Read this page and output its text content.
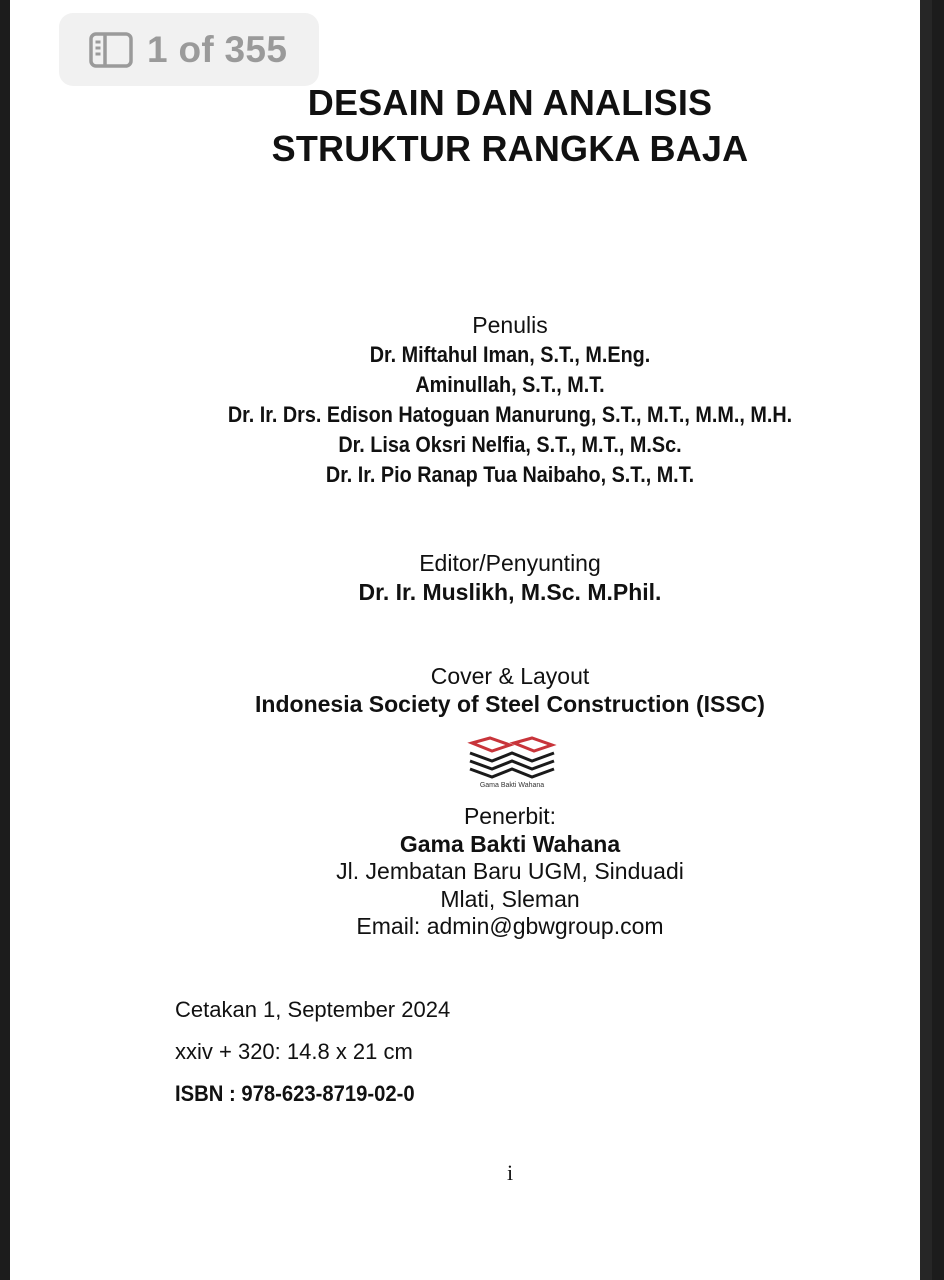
1 of 355
DESAIN DAN ANALISIS
STRUKTUR RANGKA BAJA
Penulis
Dr. Miftahul Iman, S.T., M.Eng.
Aminullah, S.T., M.T.
Dr. Ir. Drs. Edison Hatoguan Manurung, S.T., M.T., M.M., M.H.
Dr. Lisa Oksri Nelfia, S.T., M.T., M.Sc.
Dr. Ir. Pio Ranap Tua Naibaho, S.T., M.T.
Editor/Penyunting
Dr. Ir. Muslikh, M.Sc. M.Phil.
Cover & Layout
Indonesia Society of Steel Construction (ISSC)
Gama Bakti Wahana
Penerbit:
Gama Bakti Wahana
Jl. Jembatan Baru UGM, Sinduadi
Mlati, Sleman
Email: admin@gbwgroup.com
Cetakan 1, September 2024
xxiv + 320: 14.8 x 21 cm
ISBN : 978-623-8719-02-0
i
